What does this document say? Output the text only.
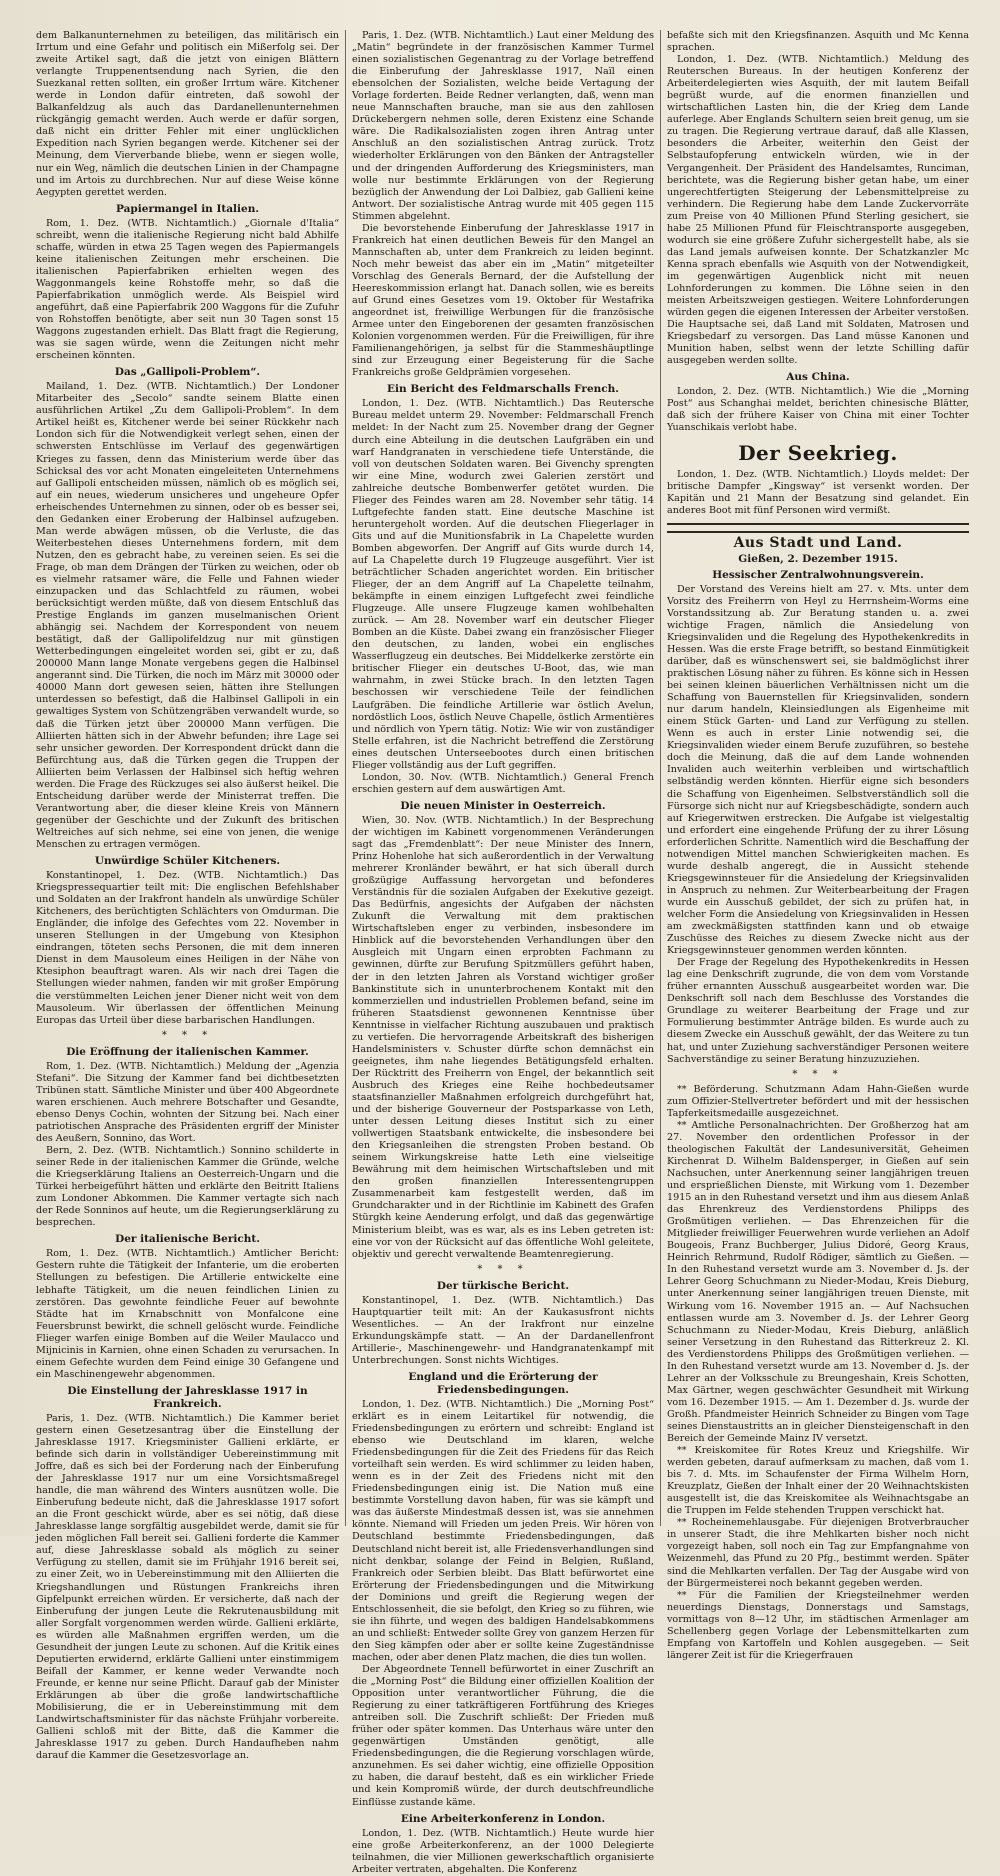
dem Balkanunternehmen zu beteiligen, das militärisch ein Irrtum und eine Gefahr und politisch ein Mißerfolg sei. Der zweite Artikel sagt, daß die jetzt von einigen Blättern verlangte Truppenentsendung nach Syrien, die den Suezkanal retten sollten, ein großer Irrtum wäre. Kitchener werde in London dafür eintreten, daß sowohl der Balkanfeldzug als auch das Dardanellenunternehmen rückgängig gemacht werden. Auch werde er dafür sorgen, daß nicht ein dritter Fehler mit einer unglücklichen Expedition nach Syrien begangen werde. Kitchener sei der Meinung, dem Vierverbande bliebe, wenn er siegen wolle, nur ein Weg, nämlich die deutschen Linien in der Champagne und im Artois zu durchbrechen. Nur auf diese Weise könne Aegypten gerettet werden.

Papiermangel in Italien.

Rom, 1. Dez. (WTB. Nichtamtlich.) „Giornale d'Italia“ schreibt, wenn die italienische Regierung nicht bald Abhilfe schaffe, würden in etwa 25 Tagen wegen des Papiermangels keine italienischen Zeitungen mehr erscheinen. Die italienischen Papierfabriken erhielten wegen des Waggonmangels keine Rohstoffe mehr, so daß die Papierfabrikation unmöglich werde. Als Beispiel wird angeführt, daß eine Papierfabrik 200 Waggons für die Zufuhr von Rohstoffen benötigte, aber seit nun 30 Tagen sonst 15 Waggons zugestanden erhielt. Das Blatt fragt die Regierung, was sie sagen würde, wenn die Zeitungen nicht mehr erscheinen könnten.

Das „Gallipoli-Problem“.

Mailand, 1. Dez. (WTB. Nichtamtlich.) Der Londoner Mitarbeiter des „Secolo“ sandte seinem Blatte einen ausführlichen Artikel „Zu dem Gallipoli-Problem“. In dem Artikel heißt es, Kitchener werde bei seiner Rückkehr nach London sich für die Notwendigkeit verlegt sehen, einen der schwersten Entschlüsse im Verlauf des gegenwärtigen Krieges zu fassen, denn das Ministerium werde über das Schicksal des vor acht Monaten eingeleiteten Unternehmens auf Gallipoli entscheiden müssen, nämlich ob es möglich sei, auf ein neues, wiederum unsicheres und ungeheure Opfer erheischendes Unternehmen zu sinnen, oder ob es besser sei, den Gedanken einer Eroberung der Halbinsel aufzugeben. Man werde abwägen müssen, ob die Verluste, die das Weiterbestehen dieses Unternehmens fordern, mit dem Nutzen, den es gebracht habe, zu vereinen seien. Es sei die Frage, ob man dem Drängen der Türken zu weichen, oder ob es vielmehr ratsamer wäre, die Felle und Fahnen wieder einzupacken und das Schlachtfeld zu räumen, wobei berücksichtigt werden müßte, daß von diesem Entschluß das Prestige Englands im ganzen muselmanischen Orient abhängig sei. Nachdem der Korrespondent von neuem bestätigt, daß der Gallipolifeldzug nur mit günstigen Wetterbedingungen eingeleitet worden sei, gibt er zu, daß 200000 Mann lange Monate vergebens gegen die Halbinsel angerannt sind. Die Türken, die noch im März mit 30000 oder 40000 Mann dort gewesen seien, hätten ihre Stellungen unterdessen so befestigt, daß die Halbinsel Gallipoli in ein gewaltiges System von Schützengräben verwandelt wurde, so daß die Türken jetzt über 200000 Mann verfügen. Die Alliierten hätten sich in der Abwehr befunden; ihre Lage sei sehr unsicher geworden. Der Korrespondent drückt dann die Befürchtung aus, daß die Türken gegen die Truppen der Alliierten beim Verlassen der Halbinsel sich heftig wehren werden. Die Frage des Rückzuges sei also äußerst heikel. Die Entscheidung darüber werde der Ministerrat treffen. Die Verantwortung aber, die dieser kleine Kreis von Männern gegenüber der Geschichte und der Zukunft des britischen Weltreiches auf sich nehme, sei eine von jenen, die wenige Menschen zu ertragen vermögen.

Unwürdige Schüler Kitcheners.

Konstantinopel, 1. Dez. (WTB. Nichtamtlich.) Das Kriegspressequartier teilt mit: Die englischen Befehlshaber und Soldaten an der Irakfront handeln als unwürdige Schüler Kitcheners, des berüchtigten Schlächters von Omdurman. Die Engländer, die infolge des Gefechtes vom 22. November in unseren Stellungen in der Umgebung von Ktesiphon eindrangen, töteten sechs Personen, die mit dem inneren Dienst in dem Mausoleum eines Heiligen in der Nähe von Ktesiphon beauftragt waren. Als wir nach drei Tagen die Stellungen wieder nahmen, fanden wir mit großer Empörung die verstümmelten Leichen jener Diener nicht weit von dem Mausoleum. Wir überlassen der öffentlichen Meinung Europas das Urteil über diese barbarischen Handlungen.

* * *
Die Eröffnung der italienischen Kammer.

Rom, 1. Dez. (WTB. Nichtamtlich.) Meldung der „Agenzia Stefani“. Die Sitzung der Kammer fand bei dichtbesetzten Tribünen statt. Sämtliche Minister und über 400 Abgeordnete waren erschienen. Auch mehrere Botschafter und Gesandte, ebenso Denys Cochin, wohnten der Sitzung bei. Nach einer patriotischen Ansprache des Präsidenten ergriff der Minister des Aeußern, Sonnino, das Wort.

Bern, 2. Dez. (WTB. Nichtamtlich.) Sonnino schilderte in seiner Rede in der italienischen Kammer die Gründe, welche die Kriegserklärung Italiens an Oesterreich-Ungarn und die Türkei herbeigeführt hätten und erklärte den Beitritt Italiens zum Londoner Abkommen. Die Kammer vertagte sich nach der Rede Sonninos auf heute, um die Regierungserklärung zu besprechen.

Der italienische Bericht.

Rom, 1. Dez. (WTB. Nichtamtlich.) Amtlicher Bericht: Gestern ruhte die Tätigkeit der Infanterie, um die eroberten Stellungen zu befestigen. Die Artillerie entwickelte eine lebhafte Tätigkeit, um die neuen feindlichen Linien zu zerstören. Das gewohnte feindliche Feuer auf bewohnte Städte hat im Krnabschnitt von Monfalcone eine Feuersbrunst bewirkt, die schnell gelöscht wurde. Feindliche Flieger warfen einige Bomben auf die Weiler Maulacco und Mijnicinis in Karnien, ohne einen Schaden zu verursachen. In einem Gefechte wurden dem Feind einige 30 Gefangene und ein Maschinengewehr abgenommen.

Die Einstellung der Jahresklasse 1917 in Frankreich.

Paris, 1. Dez. (WTB. Nichtamtlich.) Die Kammer beriet gestern einen Gesetzesantrag über die Einstellung der Jahresklasse 1917. Kriegsminister Gallieni erklärte, er befinde sich darin in vollständiger Uebereinstimmung mit Joffre, daß es sich bei der Forderung nach der Einberufung der Jahresklasse 1917 nur um eine Vorsichtsmaßregel handle, die man während des Winters ausnützen wolle. Die Einberufung bedeute nicht, daß die Jahresklasse 1917 sofort an die Front geschickt würde, aber es sei nötig, daß diese Jahresklasse lange sorgfältig ausgebildet werde, damit sie für jeden möglichen Fall bereit sei. Gallieni forderte die Kammer auf, diese Jahresklasse sobald als möglich zu seiner Verfügung zu stellen, damit sie im Frühjahr 1916 bereit sei, zu einer Zeit, wo in Uebereinstimmung mit den Alliierten die Kriegshandlungen und Rüstungen Frankreichs ihren Gipfelpunkt erreichen würden. Er versicherte, daß nach der Einberufung der jungen Leute die Rekrutenausbildung mit aller Sorgfalt vorgenommen werden würde. Gallieni erklärte, es würden alle Maßnahmen ergriffen werden, um die Gesundheit der jungen Leute zu schonen. Auf die Kritik eines Deputierten erwidernd, erklärte Gallieni unter einstimmigem Beifall der Kammer, er kenne weder Verwandte noch Freunde, er kenne nur seine Pflicht. Darauf gab der Minister Erklärungen ab über die große landwirtschaftliche Mobilisierung, die er in Uebereinstimmung mit dem Landwirtschaftsminister für das nächste Frühjahr vorbereite. Gallieni schloß mit der Bitte, daß die Kammer die Jahresklasse 1917 zu geben. Durch Handaufheben nahm darauf die Kammer die Gesetzesvorlage an.

Paris, 1. Dez. (WTB. Nichtamtlich.) Laut einer Meldung des „Matin“ begründete in der französischen Kammer Turmel einen sozialistischen Gegenantrag zu der Vorlage betreffend die Einberufung der Jahresklasse 1917, Naïl einen ebensolchen der Sozialisten, welche beide Vertagung der Vorlage forderten. Beide Redner verlangten, daß, wenn man neue Mannschaften brauche, man sie aus den zahllosen Drückebergern nehmen solle, deren Existenz eine Schande wäre. Die Radikalsozialisten zogen ihren Antrag unter Anschluß an den sozialistischen Antrag zurück. Trotz wiederholter Erklärungen von den Bänken der Antragsteller und der dringenden Aufforderung des Kriegsministers, man wolle nur bestimmte Erklärungen von der Regierung bezüglich der Anwendung der Loi Dalbiez, gab Gallieni keine Antwort. Der sozialistische Antrag wurde mit 405 gegen 115 Stimmen abgelehnt.

Die bevorstehende Einberufung der Jahresklasse 1917 in Frankreich hat einen deutlichen Beweis für den Mangel an Mannschaften ab, unter dem Frankreich zu leiden beginnt. Noch mehr beweist das aber ein im „Matin“ mitgeteilter Vorschlag des Generals Bernard, der die Aufstellung der Heereskommission erlangt hat. Danach sollen, wie es bereits auf Grund eines Gesetzes vom 19. Oktober für Westafrika angeordnet ist, freiwillige Werbungen für die französische Armee unter den Eingeborenen der gesamten französischen Kolonien vorgenommen werden. Für die Freiwilligen, für ihre Familienangehörigen, ja selbst für die Stammeshäuptlinge sind zur Erzeugung einer Begeisterung für die Sache Frankreichs große Geldprämien vorgesehen.

Ein Bericht des Feldmarschalls French.

London, 1. Dez. (WTB. Nichtamtlich.) Das Reutersche Bureau meldet unterm 29. November: Feldmarschall French meldet: In der Nacht zum 25. November drang der Gegner durch eine Abteilung in die deutschen Laufgräben ein und warf Handgranaten in verschiedene tiefe Unterstände, die voll von deutschen Soldaten waren. Bei Givenchy sprengten wir eine Mine, wodurch zwei Galerien zerstört und zahlreiche deutsche Bombenwerfer getötet wurden. Die Flieger des Feindes waren am 28. November sehr tätig. 14 Luftgefechte fanden statt. Eine deutsche Maschine ist heruntergeholt worden. Auf die deutschen Fliegerlager in Gits und auf die Munitionsfabrik in La Chapelette wurden Bomben abgeworfen. Der Angriff auf Gits wurde durch 14, auf La Chapelette durch 19 Flugzeuge ausgeführt. Vier ist beträchtlicher Schaden angerichtet worden. Ein britischer Flieger, der an dem Angriff auf La Chapelette teilnahm, bekämpfte in einem einzigen Luftgefecht zwei feindliche Flugzeuge. Alle unsere Flugzeuge kamen wohlbehalten zurück. — Am 28. November warf ein deutscher Flieger Bomben an die Küste. Dabei zwang ein französischer Flieger den deutschen, zu landen, wobei ein englisches Wasserflugzeug ein deutsches. Bei Middelkerke zerstörte ein britischer Flieger ein deutsches U-Boot, das, wie man wahrnahm, in zwei Stücke brach. In den letzten Tagen beschossen wir verschiedene Teile der feindlichen Laufgräben. Die feindliche Artillerie war östlich Avelun, nordöstlich Loos, östlich Neuve Chapelle, östlich Armentières und nördlich von Ypern tätig. Notiz: Wie wir von zuständiger Stelle erfahren, ist die Nachricht betreffend die Zerstörung eines deutschen Unterseebootes durch einen britischen Flieger vollständig aus der Luft gegriffen.

London, 30. Nov. (WTB. Nichtamtlich.) General French erschien gestern auf dem auswärtigen Amt.

Die neuen Minister in Oesterreich.

Wien, 30. Nov. (WTB. Nichtamtlich.) In der Besprechung der wichtigen im Kabinett vorgenommenen Veränderungen sagt das „Fremdenblatt“: Der neue Minister des Innern, Prinz Hohenlohe hat sich außerordentlich in der Verwaltung mehrerer Kronländer bewährt, er hat sich überall durch großzügige Auffassung hervorgetan und befonderes Verständnis für die sozialen Aufgaben der Exekutive gezeigt. Das Bedürfnis, angesichts der Aufgaben der nächsten Zukunft die Verwaltung mit dem praktischen Wirtschaftsleben enger zu verbinden, insbesondere im Hinblick auf die bevorstehenden Verhandlungen über den Ausgleich mit Ungarn einen erprobten Fachmann zu gewinnen, dürfte zur Berufung Spitzmüllers geführt haben, der in den letzten Jahren als Vorstand wichtiger großer Bankinstitute sich in ununterbrochenem Kontakt mit den kommerziellen und industriellen Problemen befand, seine im früheren Staatsdienst gewonnenen Kenntnisse über Kenntnisse in vielfacher Richtung auszubauen und praktisch zu vertiefen. Die hervorragende Arbeitskraft des bisherigen Handelsministers v. Schuster dürfte schon demnächst ein geeignetes, ihm nahe liegendes Betätigungsfeld erhalten. Der Rücktritt des Freiherrn von Engel, der bekanntlich seit Ausbruch des Krieges eine Reihe hochbedeutsamer staatsfinanzieller Maßnahmen erfolgreich durchgeführt hat, und der bisherige Gouverneur der Postsparkasse von Leth, unter dessen Leitung dieses Institut sich zu einer vollwertigen Staatsbank entwickelte, die insbesondere bei den Kriegsanleihen die strengsten Proben bestand. Ob seinem Wirkungskreise hatte Leth eine vielseitige Bewährung mit dem heimischen Wirtschaftsleben und mit den großen finanziellen Interessentengruppen Zusammenarbeit kam festgestellt werden, daß im Grundcharakter und in der Richtlinie im Kabinett des Grafen Stürgkh keine Aenderung erfolgt, und daß das gegenwärtige Ministerium bleibt, was es war, als es ins Leben getreten ist: eine vor von der Rücksicht auf das öffentliche Wohl geleitete, objektiv und gerecht verwaltende Beamtenregierung.

* * *
Der türkische Bericht.

Konstantinopel, 1. Dez. (WTB. Nichtamtlich.) Das Hauptquartier teilt mit: An der Kaukasusfront nichts Wesentliches. — An der Irakfront nur einzelne Erkundungskämpfe statt. — An der Dardanellenfront Artillerie-, Maschinengewehr- und Handgranatenkampf mit Unterbrechungen. Sonst nichts Wichtiges.

England und die Erörterung der Friedensbedingungen.

London, 1. Dez. (WTB. Nichtamtlich.) Die „Morning Post“ erklärt es in einem Leitartikel für notwendig, die Friedensbedingungen zu erörtern und schreibt: England ist ebenso wie Deutschland im klaren, welche Friedensbedingungen für die Zeit des Friedens für das Reich vorteilhaft sein werden. Es wird schlimmer zu leiden haben, wenn es in der Zeit des Friedens nicht mit den Friedensbedingungen einig ist. Die Nation muß eine bestimmte Vorstellung davon haben, für was sie kämpft und was das äußerste Mindestmaß dessen ist, was sie annehmen könnte. Niemand will Frieden um jeden Preis. Wir hören von Deutschland bestimmte Friedensbedingungen, daß Deutschland nicht bereit ist, alle Friedensverhandlungen sind nicht denkbar, solange der Feind in Belgien, Rußland, Frankreich oder Serbien bleibt. Das Blatt befürwortet eine Erörterung der Friedensbedingungen und die Mitwirkung der Dominions und greift die Regierung wegen der Entschlossenheit, die sie befolgt, den Krieg so zu führen, wie sie ihn führte, und wegen des baldigen Handelsabkommens an und schließt: Entweder sollte Grey von ganzem Herzen für den Sieg kämpfen oder aber er sollte keine Zugeständnisse machen, oder aber denen Platz machen, die dies tun wollen.

Der Abgeordnete Tennell befürwortet in einer Zuschrift an die „Morning Post“ die Bildung einer offiziellen Koalition der Opposition unter verantwortlicher Führung, die die Regierung zu einer tatkräftigeren Fortführung des Krieges antreiben soll. Die Zuschrift schließt: Der Frieden muß früher oder später kommen. Das Unterhaus wäre unter den gegenwärtigen Umständen genötigt, alle Friedensbedingungen, die die Regierung vorschlagen würde, anzunehmen. Es sei daher wichtig, eine offizielle Opposition zu haben, die darauf besteht, daß es ein wirklicher Friede und kein Kompromiß würde, der durch deutschfreundliche Einflüsse zustande käme.

Eine Arbeiterkonferenz in London.

London, 1. Dez. (WTB. Nichtamtlich.) Heute wurde hier eine große Arbeiterkonferenz, an der 1000 Delegierte teilnahmen, die vier Millionen gewerkschaftlich organisierte Arbeiter vertraten, abgehalten. Die Konferenz

befaßte sich mit den Kriegsfinanzen. Asquith und Mc Kenna sprachen.

London, 1. Dez. (WTB. Nichtamtlich.) Meldung des Reuterschen Bureaus. In der heutigen Konferenz der Arbeiterdelegierten wies Asquith, der mit lautem Beifall begrüßt wurde, auf die enormen finanziellen und wirtschaftlichen Lasten hin, die der Krieg dem Lande auferlege. Aber Englands Schultern seien breit genug, um sie zu tragen. Die Regierung vertraue darauf, daß alle Klassen, besonders die Arbeiter, weiterhin den Geist der Selbstaufopferung entwickeln würden, wie in der Vergangenheit. Der Präsident des Handelsamtes, Runciman, berichtete, was die Regierung bisher getan habe, um einer ungerechtfertigten Steigerung der Lebensmittelpreise zu verhindern. Die Regierung habe dem Lande Zuckervorräte zum Preise von 40 Millionen Pfund Sterling gesichert, sie habe 25 Millionen Pfund für Fleischtransporte ausgegeben, wodurch sie eine größere Zufuhr sichergestellt habe, als sie das Land jemals aufweisen konnte. Der Schatzkanzler Mc Kenna sprach ebenfalls wie Asquith von der Notwendigkeit, im gegenwärtigen Augenblick nicht mit neuen Lohnforderungen zu kommen. Die Löhne seien in den meisten Arbeitszweigen gestiegen. Weitere Lohnforderungen würden gegen die eigenen Interessen der Arbeiter verstoßen. Die Hauptsache sei, daß Land mit Soldaten, Matrosen und Kriegsbedarf zu versorgen. Das Land müsse Kanonen und Munition haben, selbst wenn der letzte Schilling dafür ausgegeben werden sollte.

Aus China.

London, 2. Dez. (WTB. Nichtamtlich.) Wie die „Morning Post“ aus Schanghai meldet, berichten chinesische Blätter, daß sich der frühere Kaiser von China mit einer Tochter Yuanschikais verlobt habe.

Der Seekrieg.

London, 1. Dez. (WTB. Nichtamtlich.) Lloyds meldet: Der britische Dampfer „Kingsway“ ist versenkt worden. Der Kapitän und 21 Mann der Besatzung sind gelandet. Ein anderes Boot mit fünf Personen wird vermißt.

Aus Stadt und Land.
Gießen, 2. Dezember 1915.
Hessischer Zentralwohnungsverein.

Der Vorstand des Vereins hielt am 27. v. Mts. unter dem Vorsitz des Freiherrn von Heyl zu Herrnsheim-Worms eine Vorstandssitzung ab. Zur Beratung standen u. a. zwei wichtige Fragen, nämlich die Ansiedelung von Kriegsinvaliden und die Regelung des Hypothekenkredits in Hessen. Was die erste Frage betrifft, so bestand Einmütigkeit darüber, daß es wünschenswert sei, sie baldmöglichst ihrer praktischen Lösung näher zu führen. Es könne sich in Hessen bei seinen kleinen bäuerlichen Verhältnissen nicht um die Schaffung von Bauernstellen für Kriegsinvaliden, sondern nur darum handeln, Kleinsiedlungen als Eigenheime mit einem Stück Garten- und Land zur Verfügung zu stellen. Wenn es auch in erster Linie notwendig sei, die Kriegsinvaliden wieder einem Berufe zuzuführen, so bestehe doch die Meinung, daß die auf dem Lande wohnenden Invaliden auch weiterhin verbleiben und wirtschaftlich selbständig werden könnten. Hierfür eigne sich besonders die Schaffung von Eigenheimen. Selbstverständlich soll die Fürsorge sich nicht nur auf Kriegsbeschädigte, sondern auch auf Kriegerwitwen erstrecken. Die Aufgabe ist vielgestaltig und erfordert eine eingehende Prüfung der zu ihrer Lösung erforderlichen Schritte. Namentlich wird die Beschaffung der notwendigen Mittel manchen Schwierigkeiten machen. Es wurde deshalb angeregt, die in Aussicht stehende Kriegsgewinnsteuer für die Ansiedelung der Kriegsinvaliden in Anspruch zu nehmen. Zur Weiterbearbeitung der Fragen wurde ein Ausschuß gebildet, der sich zu prüfen hat, in welcher Form die Ansiedelung von Kriegsinvaliden in Hessen am zweckmäßigsten stattfinden kann und ob etwaige Zuschüsse des Reiches zu diesem Zwecke nicht aus der Kriegsgewinnsteuer genommen werden könnten.

Der Frage der Regelung des Hypothekenkredits in Hessen lag eine Denkschrift zugrunde, die von dem vom Vorstande früher ernannten Ausschuß ausgearbeitet worden war. Die Denkschrift soll nach dem Beschlusse des Vorstandes die Grundlage zu weiterer Bearbeitung der Frage und zur Formulierung bestimmter Anträge bilden. Es wurde auch zu diesem Zwecke ein Ausschuß gewählt, der das Weitere zu tun hat, und unter Zuziehung sachverständiger Personen weitere Sachverständige zu seiner Beratung hinzuzuziehen.

* * *

** Beförderung. Schutzmann Adam Hahn-Gießen wurde zum Offizier-Stellvertreter befördert und mit der hessischen Tapferkeitsmedaille ausgezeichnet.

** Amtliche Personalnachrichten. Der Großherzog hat am 27. November den ordentlichen Professor in der theologischen Fakultät der Landesuniversität, Geheimen Kirchenrat D. Wilhelm Baldensperger, in Gießen auf sein Nachsuchen, unter Anerkennung seiner langjährigen treuen und ersprießlichen Dienste, mit Wirkung vom 1. Dezember 1915 an in den Ruhestand versetzt und ihm aus diesem Anlaß das Ehrenkreuz des Verdienstordens Philipps des Großmütigen verliehen. — Das Ehrenzeichen für die Mitglieder freiwilliger Feuerwehren wurde verliehen an Adolf Bougeois, Franz Buchberger, Julius Didoré, Georg Kraus, Heinrich Rehrmund, Rudolf Rödiger, sämtlich zu Gießen. — In den Ruhestand versetzt wurde am 3. November d. Js. der Lehrer Georg Schuchmann zu Nieder-Modau, Kreis Dieburg, unter Anerkennung seiner langjährigen treuen Dienste, mit Wirkung vom 16. November 1915 an. — Auf Nachsuchen entlassen wurde am 3. November d. Js. der Lehrer Georg Schuchmann zu Nieder-Modau, Kreis Dieburg, anläßlich seiner Versetzung in den Ruhestand das Ritterkreuz 2. Kl. des Verdienstordens Philipps des Großmütigen verliehen. — In den Ruhestand versetzt wurde am 13. November d. Js. der Lehrer an der Volksschule zu Breungeshain, Kreis Schotten, Max Gärtner, wegen geschwächter Gesundheit mit Wirkung vom 16. Dezember 1915. — Am 1. Dezember d. Js. wurde der Großh. Pfandmeister Heinrich Schneider zu Bingen vom Tage seines Dienstaustritts an in gleicher Diensteigenschaft in den Bereich der Gemeinde Mainz IV versetzt.

** Kreiskomitee für Rotes Kreuz und Kriegshilfe. Wir werden gebeten, darauf aufmerksam zu machen, daß vom 1. bis 7. d. Mts. im Schaufenster der Firma Wilhelm Horn, Kreuzplatz, Gießen der Inhalt einer der 20 Weihnachtskisten ausgestellt ist, die das Kreiskomitee als Weihnachtsgabe an die Truppen im Felde stehenden Truppen verschickt hat.

** Rocheinemehlausgabe. Für diejenigen Brotverbraucher in unserer Stadt, die ihre Mehlkarten bisher noch nicht vorgezeigt haben, soll noch ein Tag zur Empfangnahme von Weizenmehl, das Pfund zu 20 Pfg., bestimmt werden. Später sind die Mehlkarten verfallen. Der Tag der Ausgabe wird von der Bürgermeisterei noch bekannt gegeben werden.

** Für die Familien der Kriegsteilnehmer werden neuerdings Dienstags, Donnerstags und Samstags, vormittags von 8—12 Uhr, im städtischen Armenlager am Schellenberg gegen Vorlage der Lebensmittelkarten zum Empfang von Kartoffeln und Kohlen ausgegeben. — Seit längerer Zeit ist für die Kriegerfrauen
